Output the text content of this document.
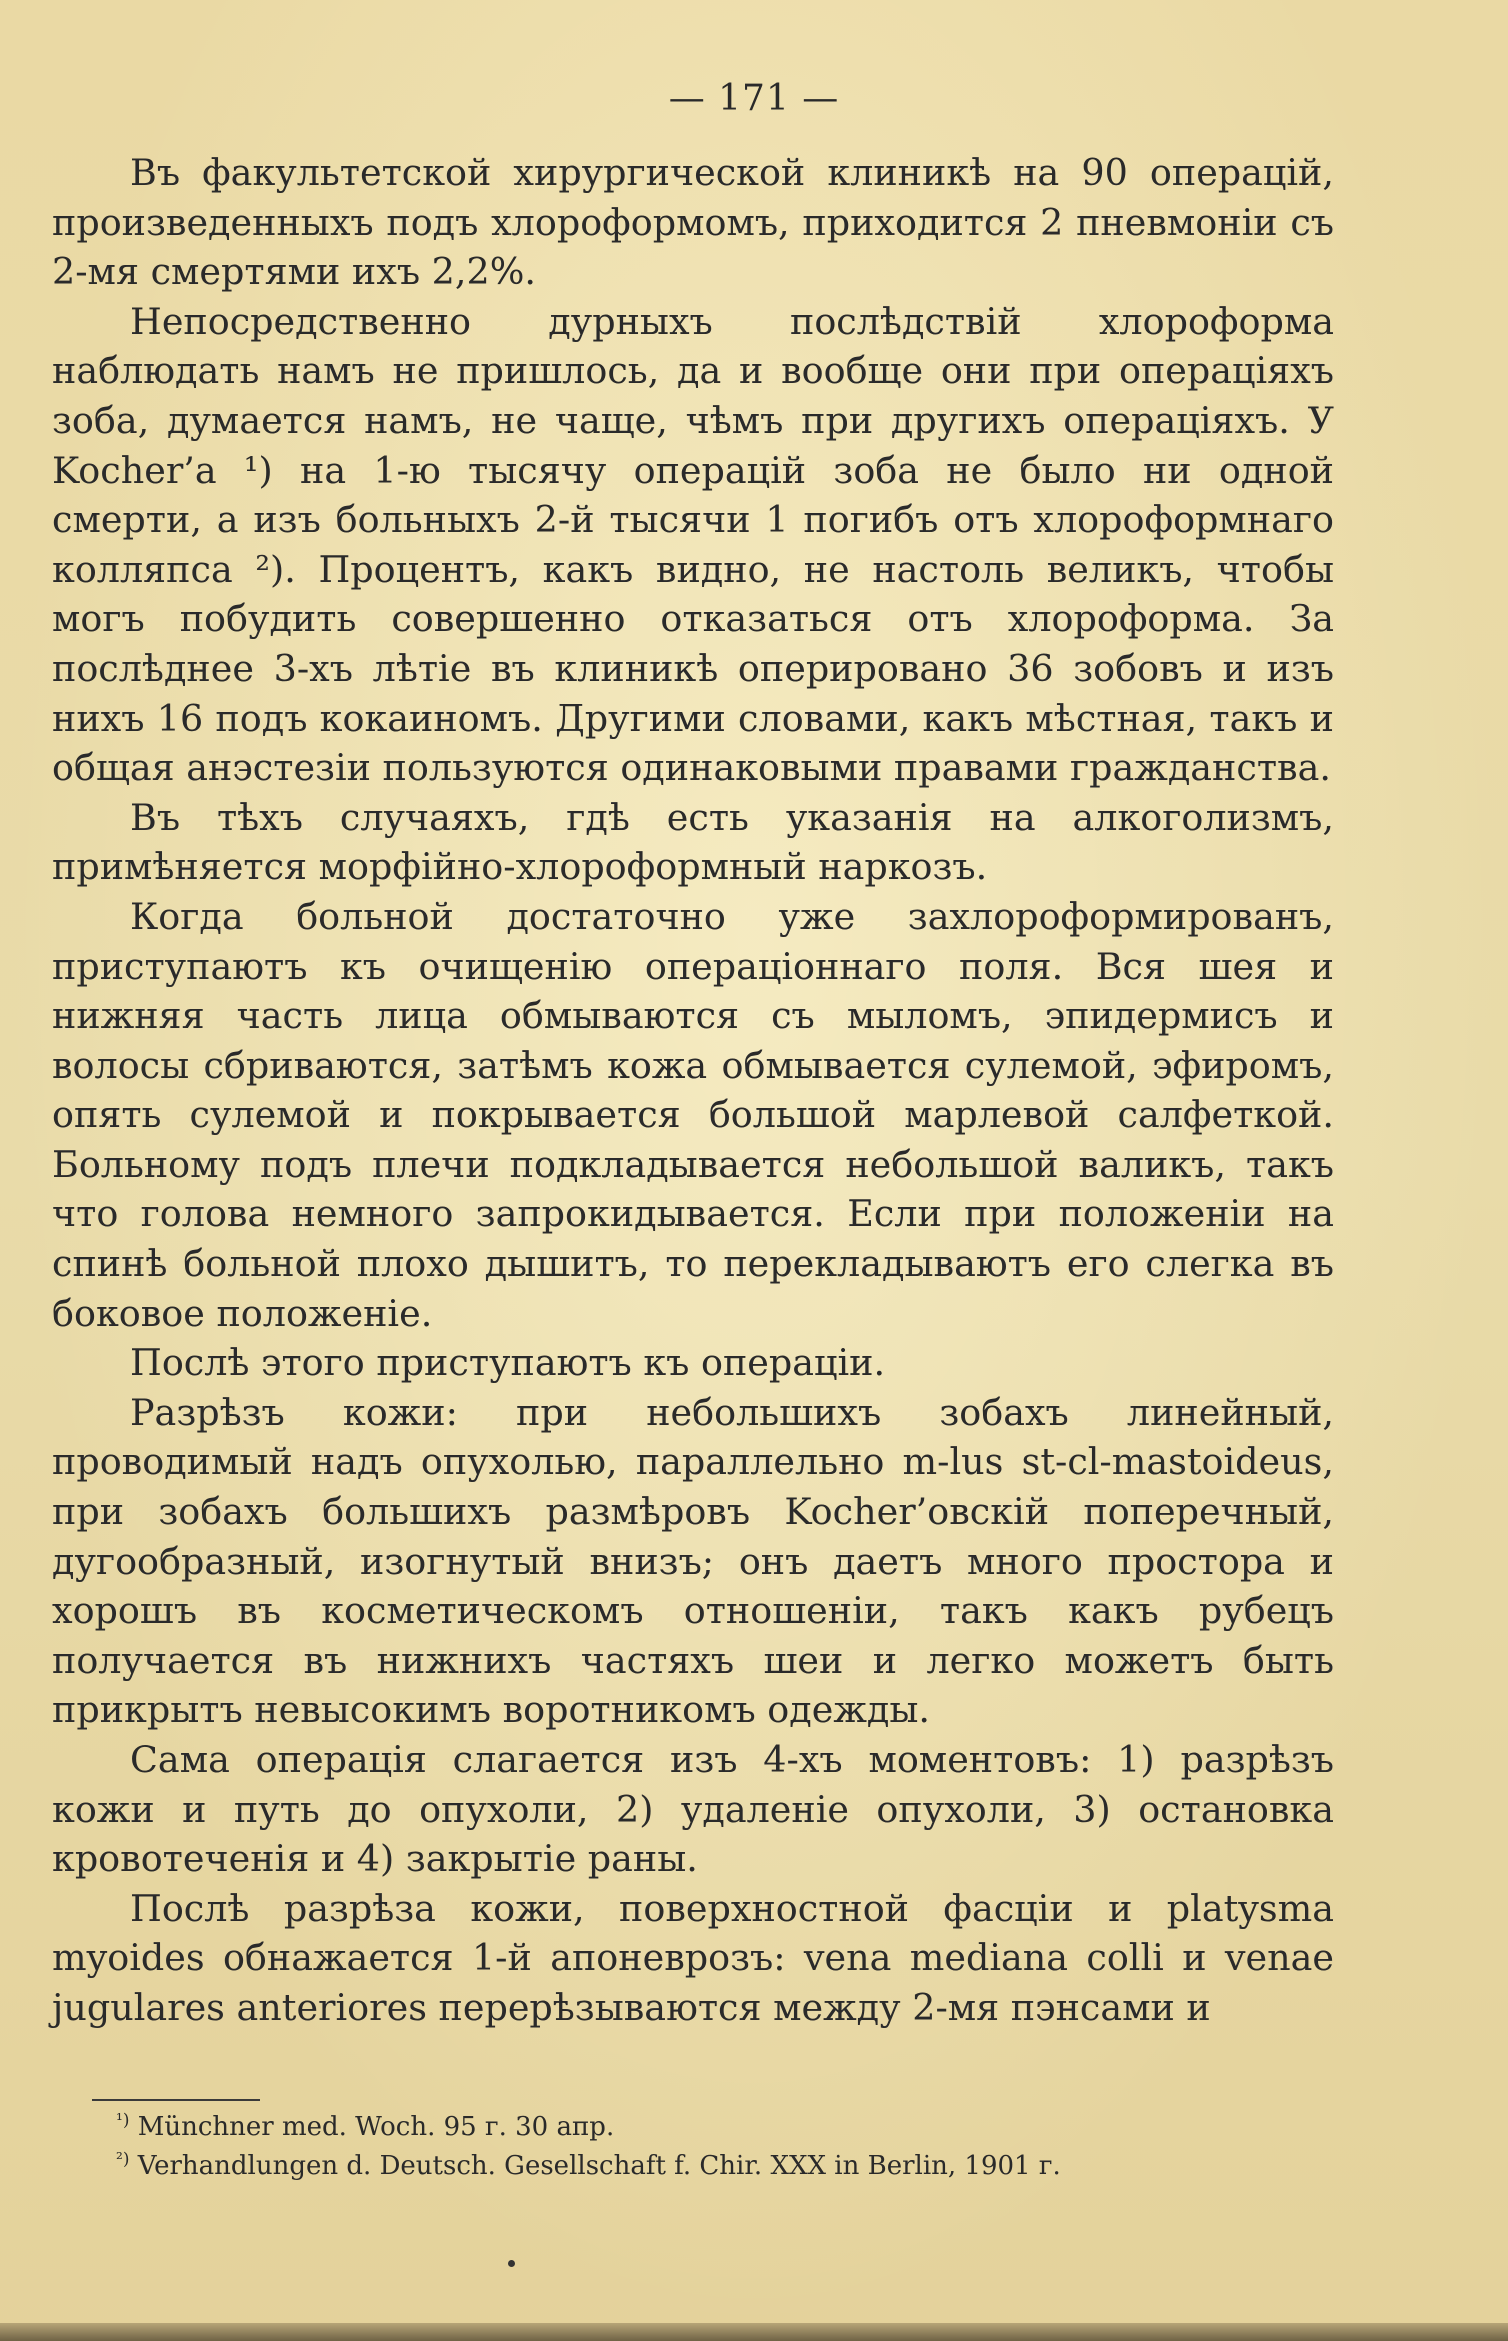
— 171 —

Въ факультетской хирургической клиникѣ на 90 операцій, произведенныхъ подъ хлороформомъ, приходится 2 пневмоніи съ 2-мя смертями ихъ 2,2%.

Непосредственно дурныхъ послѣдствій хлороформа наблюдать намъ не пришлось, да и вообще они при операціяхъ зоба, думается намъ, не чаще, чѣмъ при другихъ операціяхъ. У Kocher’a ¹) на 1-ю тысячу операцій зоба не было ни одной смерти, а изъ больныхъ 2-й тысячи 1 погибъ отъ хлороформнаго колляпса ²). Процентъ, какъ видно, не настоль великъ, чтобы могъ побудить совершенно отказаться отъ хлороформа. За послѣднее 3-хъ лѣтіе въ клиникѣ оперировано 36 зобовъ и изъ нихъ 16 подъ кокаиномъ. Другими словами, какъ мѣстная, такъ и общая анэстезіи пользуются одинаковыми правами гражданства.

Въ тѣхъ случаяхъ, гдѣ есть указанія на алкоголизмъ, примѣняется морфійно-хлороформный наркозъ.

Когда больной достаточно уже захлороформированъ, приступаютъ къ очищенію операціоннаго поля. Вся шея и нижняя часть лица обмываются съ мыломъ, эпидермисъ и волосы сбриваются, затѣмъ кожа обмывается сулемой, эфиромъ, опять сулемой и покрывается большой марлевой салфеткой. Больному подъ плечи подкладывается небольшой валикъ, такъ что голова немного запрокидывается. Если при положеніи на спинѣ больной плохо дышитъ, то перекладываютъ его слегка въ боковое положеніе.

Послѣ этого приступаютъ къ операціи.

Разрѣзъ кожи: при небольшихъ зобахъ линейный, проводимый надъ опухолью, параллельно m-lus st-cl-mastoideus, при зобахъ большихъ размѣровъ Kocher’овскій поперечный, дугообразный, изогнутый внизъ; онъ даетъ много простора и хорошъ въ косметическомъ отношеніи, такъ какъ рубецъ получается въ нижнихъ частяхъ шеи и легко можетъ быть прикрытъ невысокимъ воротникомъ одежды.

Сама операція слагается изъ 4-хъ моментовъ: 1) разрѣзъ кожи и путь до опухоли, 2) удаленіе опухоли, 3) остановка кровотеченія и 4) закрытіе раны.

Послѣ разрѣза кожи, поверхностной фасціи и platysma myoides обнажается 1-й апоневрозъ: vena mediana colli и venae jugulares anteriores перерѣзываются между 2-мя пэнсами и

$^{^1)}$ Münchner med. Woch. 95 г. 30 апр.

$^{^2)}$ Verhandlungen d. Deutsch. Gesellschaft f. Chir. XXX in Berlin, 1901 г.
